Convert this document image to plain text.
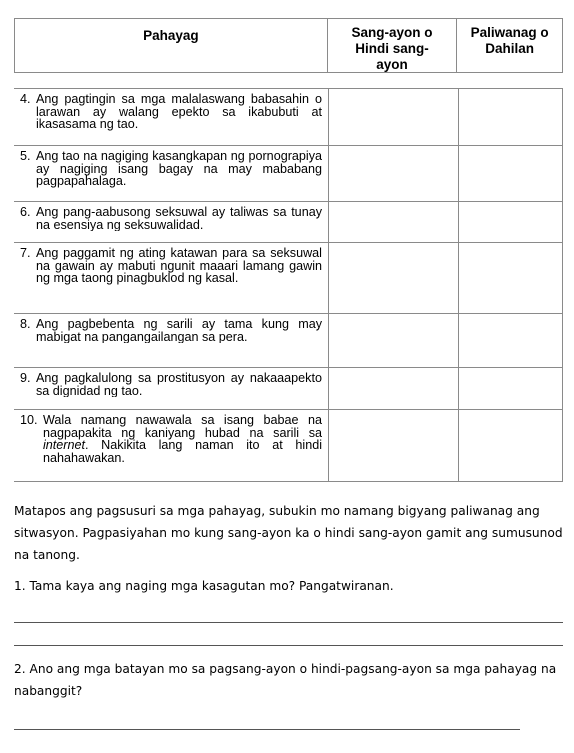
Pahayag	Sang-ayon o Hindi sang-ayon
Paliwanag o Dahilan
4. Ang pagtingin sa mga malalaswang babasahin o larawan ay walang epekto sa ikabubuti at ikasasama ng tao.
5. Ang tao na nagiging kasangkapan ng pornograpiya ay nagiging isang bagay na may mababang pagpapahalaga.
6. Ang pang-aabusong seksuwal ay taliwas sa tunay na esensiya ng seksuwalidad.
7. Ang paggamit ng ating katawan para sa seksuwal na gawain ay mabuti ngunit maaari lamang gawin ng mga taong pinagbuklod ng kasal.
8. Ang pagbebenta ng sarili ay tama kung may mabigat na pangangailangan sa pera.
9. Ang pagkalulong sa prostitusyon ay nakaaapekto sa dignidad ng tao.
10. Wala namang nawawala sa isang babae na nagpapakita ng kaniyang hubad na sarili sa internet. Nakikita lang naman ito at hindi nahahawakan.
Matapos ang pagsusuri sa mga pahayag, subukin mo namang bigyang paliwanag ang sitwasyon. Pagpasiyahan mo kung sang-ayon ka o hindi sang-ayon gamit ang sumusunod na tanong.
1. Tama kaya ang naging mga kasagutan mo? Pangatwiranan.
2. Ano ang mga batayan mo sa pagsang-ayon o hindi-pagsang-ayon sa mga pahayag na nabanggit?
